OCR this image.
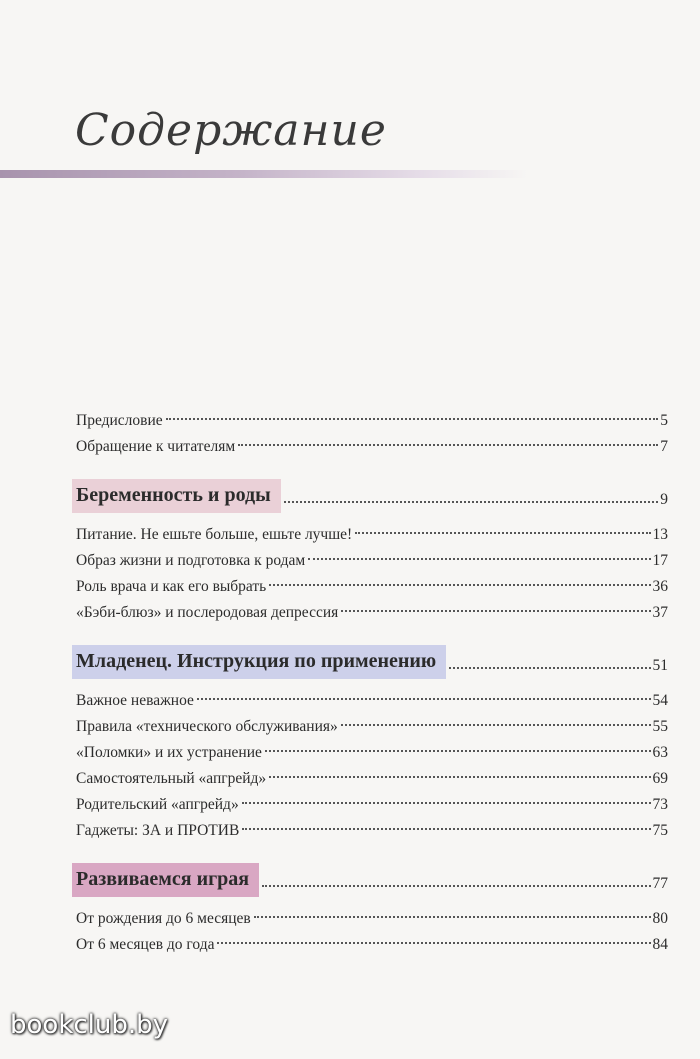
Содержание
Предисловие	5
Обращение к читателям	7
Беременность и роды	9
Питание. Не ешьте больше, ешьте лучше!	13
Образ жизни и подготовка к родам	17
Роль врача и как его выбрать	36
«Бэби-блюз» и послеродовая депрессия	37
Младенец. Инструкция по применению	51
Важное неважное	54
Правила «технического обслуживания»	55
«Поломки» и их устранение	63
Самостоятельный «апгрейд»	69
Родительский «апгрейд»	73
Гаджеты: ЗА и ПРОТИВ	75
Развиваемся играя	77
От рождения до 6 месяцев	80
От 6 месяцев до года	84
bookclub.by
